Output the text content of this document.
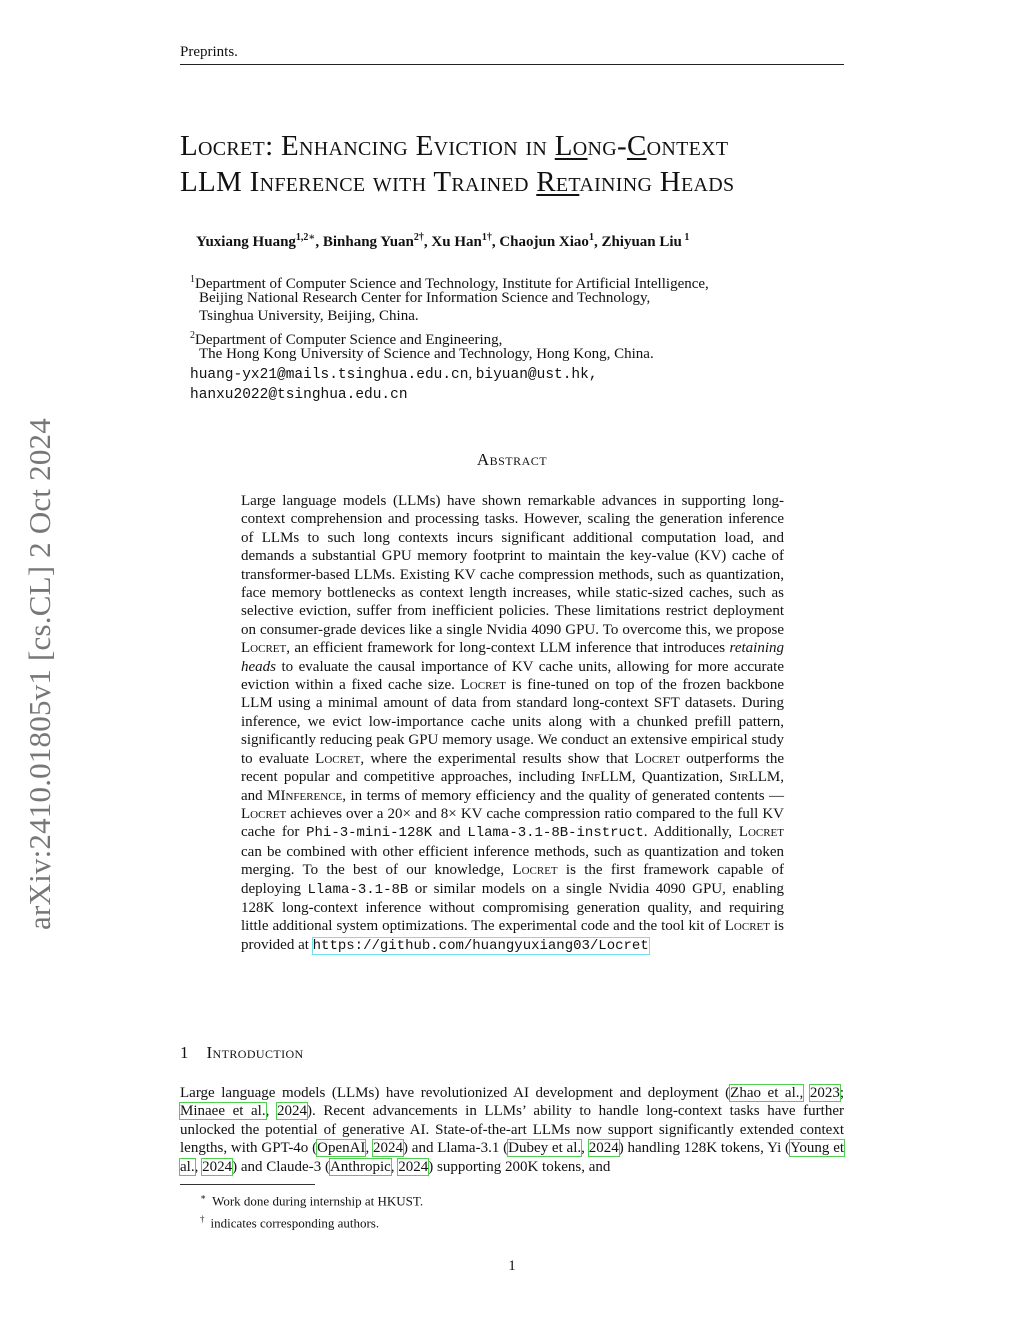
Preprints.
Locret: Enhancing Eviction in Long-Context
LLM Inference with Trained Retaining Heads
Yuxiang Huang$^{1,2∗}$, Binhang Yuan$^{2\dagger}$, Xu Han$^{1\dagger}$, Chaojun Xiao$^1$, Zhiyuan Liu $^1$
$^1$Department of Computer Science and Technology, Institute for Artificial Intelligence,
Beijing National Research Center for Information Science and Technology,
Tsinghua University, Beijing, China.
$^2$Department of Computer Science and Engineering,
The Hong Kong University of Science and Technology, Hong Kong, China.
huang-yx21@mails.tsinghua.edu.cn, biyuan@ust.hk,
hanxu2022@tsinghua.edu.cn
arXiv:2410.01805v1 [cs.CL] 2 Oct 2024	Abstract
Large language models (LLMs) have shown remarkable advances in supporting long-context comprehension and processing tasks. However, scaling the generation inference of LLMs to such long contexts incurs significant additional computation load, and demands a substantial GPU memory footprint to maintain the key-value (KV) cache of transformer-based LLMs. Existing KV cache compression methods, such as quantization, face memory bottlenecks as context length increases, while static-sized caches, such as selective eviction, suffer from inefficient policies. These limitations restrict deployment on consumer-grade devices like a single Nvidia 4090 GPU. To overcome this, we propose Locret, an efficient framework for long-context LLM inference that introduces retaining heads to evaluate the causal importance of KV cache units, allowing for more accurate eviction within a fixed cache size. Locret is fine-tuned on top of the frozen backbone LLM using a minimal amount of data from standard long-context SFT datasets. During inference, we evict low-importance cache units along with a chunked prefill pattern, significantly reducing peak GPU memory usage. We conduct an extensive empirical study to evaluate Locret, where the experimental results show that Locret outperforms the recent popular and competitive approaches, including InfLLM, Quantization, SirLLM, and MInference, in terms of memory efficiency and the quality of generated contents — Locret achieves over a 20× and 8× KV cache compression ratio compared to the full KV cache for Phi-3-mini-128K and Llama-3.1-8B-instruct. Additionally, Locret can be combined with other efficient inference methods, such as quantization and token merging. To the best of our knowledge, Locret is the first framework capable of deploying Llama-3.1-8B or similar models on a single Nvidia 4090 GPU, enabling 128K long-context inference without compromising generation quality, and requiring little additional system optimizations. The experimental code and the tool kit of Locret is provided at https://github.com/huangyuxiang03/Locret
1 Introduction
Large language models (LLMs) have revolutionized AI development and deployment (Zhao et al., 2023; Minaee et al., 2024). Recent advancements in LLMs’ ability to handle long-context tasks have further unlocked the potential of generative AI. State-of-the-art LLMs now support significantly extended context lengths, with GPT-4o (OpenAI, 2024) and Llama-3.1 (Dubey et al., 2024) handling 128K tokens, Yi (Young et al., 2024) and Claude-3 (Anthropic, 2024) supporting 200K tokens, and
∗ Work done during internship at HKUST.
† indicates corresponding authors.
1
